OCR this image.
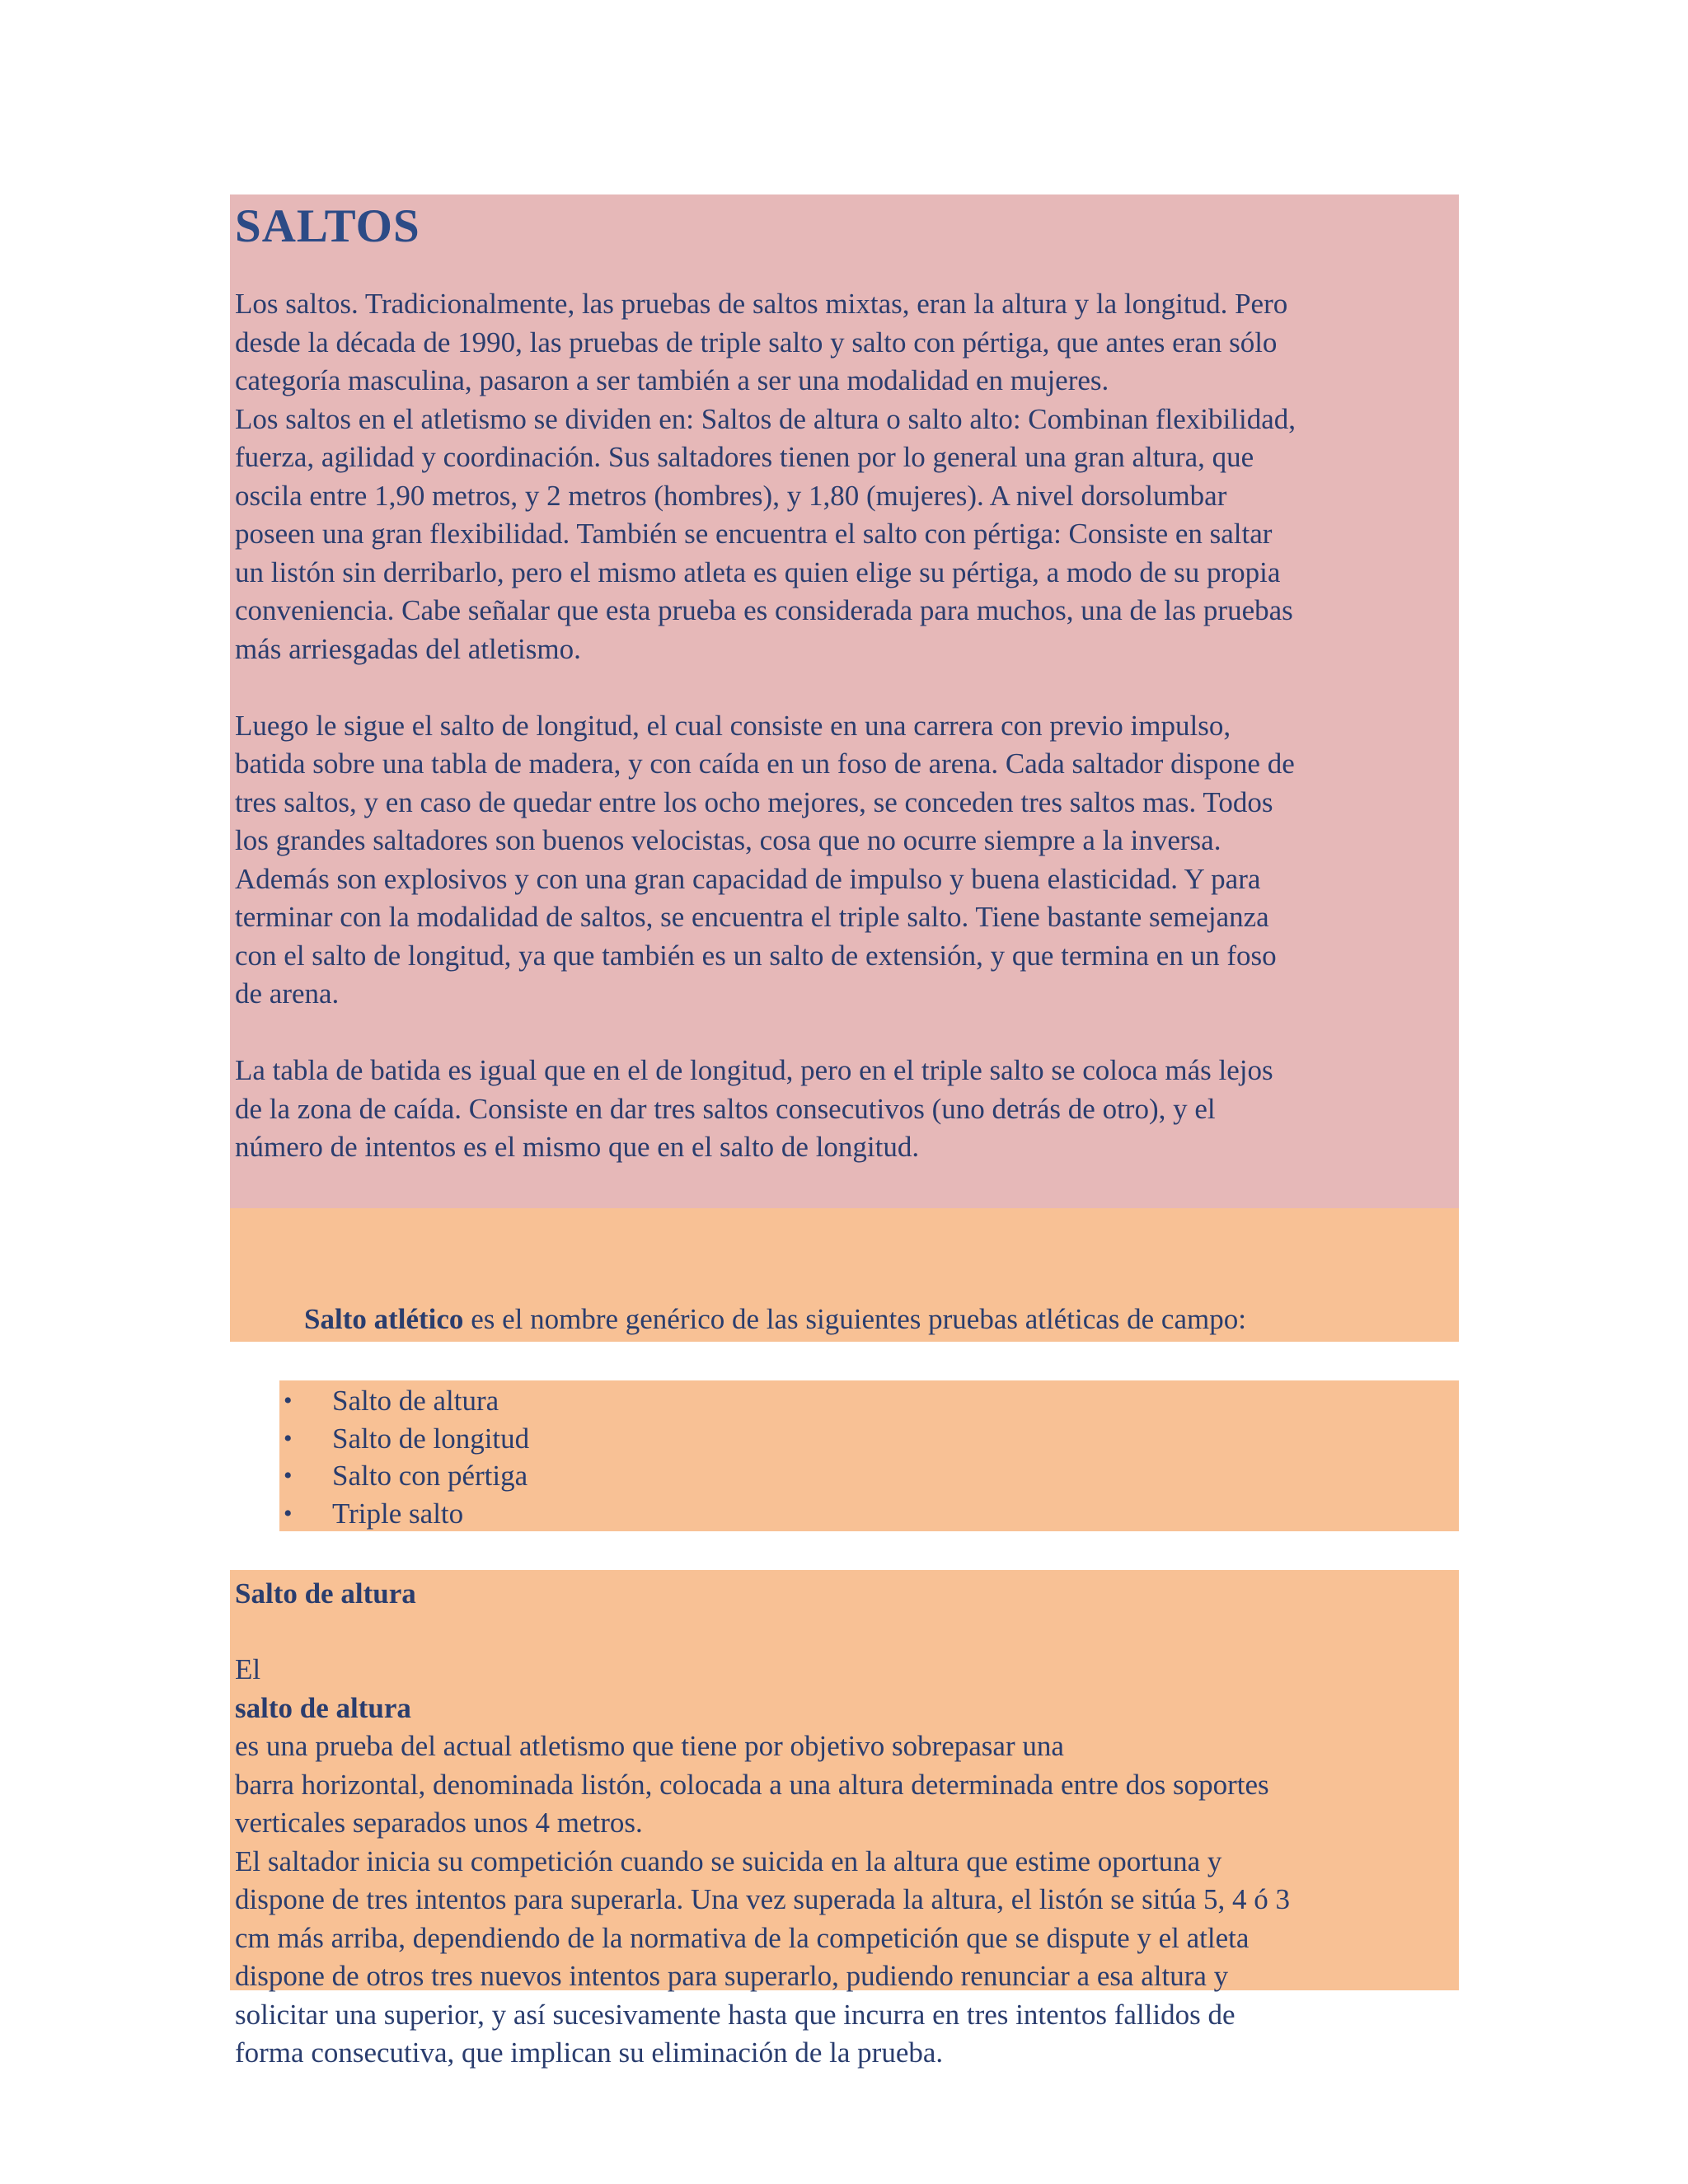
SALTOS

Los saltos. Tradicionalmente, las pruebas de saltos mixtas, eran la altura y la longitud. Pero
desde la década de 1990, las pruebas de triple salto y salto con pértiga, que antes eran sólo
categoría masculina, pasaron a ser también a ser una modalidad en mujeres.
Los saltos en el atletismo se dividen en: Saltos de altura o salto alto: Combinan flexibilidad,
fuerza, agilidad y coordinación. Sus saltadores tienen por lo general una gran altura, que
oscila entre 1,90 metros, y 2 metros (hombres), y 1,80 (mujeres). A nivel dorsolumbar
poseen una gran flexibilidad. También se encuentra el salto con pértiga: Consiste en saltar
un listón sin derribarlo, pero el mismo atleta es quien elige su pértiga, a modo de su propia
conveniencia. Cabe señalar que esta prueba es considerada para muchos, una de las pruebas
más arriesgadas del atletismo.

Luego le sigue el salto de longitud, el cual consiste en una carrera con previo impulso,
batida sobre una tabla de madera, y con caída en un foso de arena. Cada saltador dispone de
tres saltos, y en caso de quedar entre los ocho mejores, se conceden tres saltos mas. Todos
los grandes saltadores son buenos velocistas, cosa que no ocurre siempre a la inversa.
Además son explosivos y con una gran capacidad de impulso y buena elasticidad. Y para
terminar con la modalidad de saltos, se encuentra el triple salto. Tiene bastante semejanza
con el salto de longitud, ya que también es un salto de extensión, y que termina en un foso
de arena.

La tabla de batida es igual que en el de longitud, pero en el triple salto se coloca más lejos
de la zona de caída. Consiste en dar tres saltos consecutivos (uno detrás de otro), y el
número de intentos es el mismo que en el salto de longitud.

Salto atlético es el nombre genérico de las siguientes pruebas atléticas de campo:
• Salto de altura
• Salto de longitud
• Salto con pértiga
• Triple salto
Salto de altura

El
salto de altura
es una prueba del actual atletismo que tiene por objetivo sobrepasar una
barra horizontal, denominada listón, colocada a una altura determinada entre dos soportes
verticales separados unos 4 metros.
El saltador inicia su competición cuando se suicida en la altura que estime oportuna y
dispone de tres intentos para superarla. Una vez superada la altura, el listón se sitúa 5, 4 ó 3
cm más arriba, dependiendo de la normativa de la competición que se dispute y el atleta
dispone de otros tres nuevos intentos para superarlo, pudiendo renunciar a esa altura y
solicitar una superior, y así sucesivamente hasta que incurra en tres intentos fallidos de
forma consecutiva, que implican su eliminación de la prueba.
